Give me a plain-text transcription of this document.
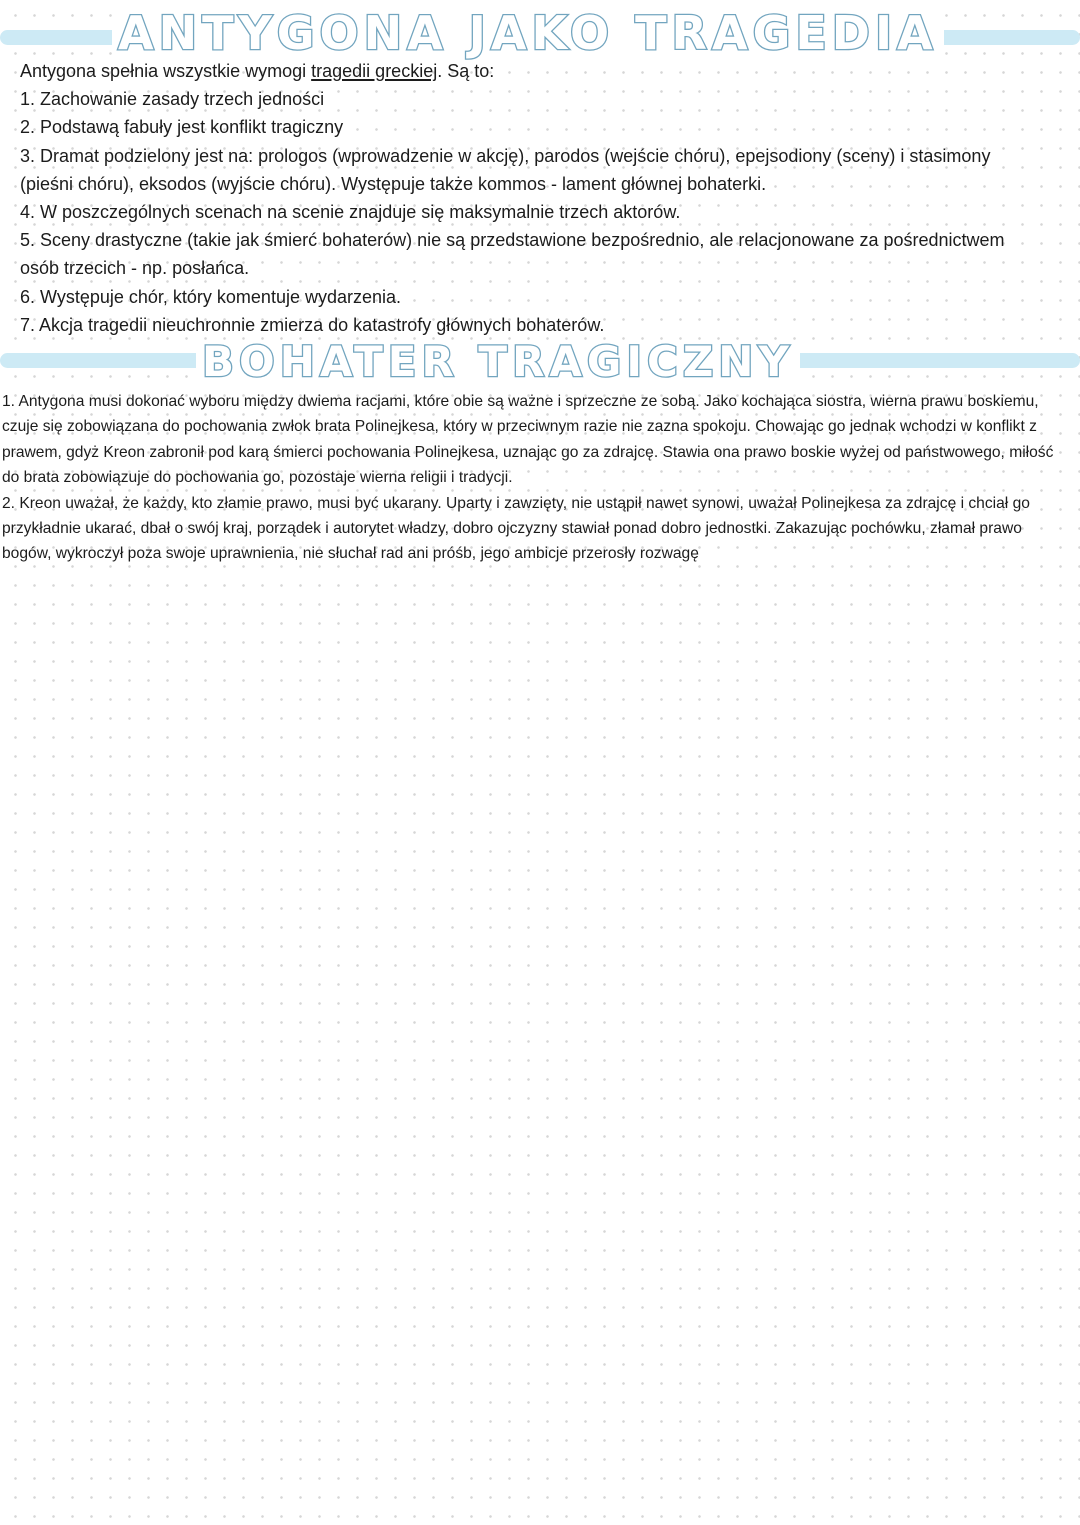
ANTYGONA JAKO TRAGEDIA

Antygona spełnia wszystkie wymogi tragedii greckiej. Są to:

1. Zachowanie zasady trzech jedności

2. Podstawą fabuły jest konflikt tragiczny

3. Dramat podzielony jest na: prologos (wprowadzenie w akcję), parodos (wejście chóru), epejsodiony (sceny) i stasimony (pieśni chóru), eksodos (wyjście chóru). Występuje także kommos - lament głównej bohaterki.

4. W poszczególnych scenach na scenie znajduje się maksymalnie trzech aktorów.

5. Sceny drastyczne (takie jak śmierć bohaterów) nie są przedstawione bezpośrednio, ale relacjonowane za pośrednictwem osób trzecich - np. posłańca.

6. Występuje chór, który komentuje wydarzenia.

7. Akcja tragedii nieuchronnie zmierza do katastrofy głównych bohaterów.

BOHATER TRAGICZNY

1. Antygona musi dokonać wyboru między dwiema racjami, które obie są ważne i sprzeczne ze sobą. Jako kochająca siostra, wierna prawu boskiemu, czuje się zobowiązana do pochowania zwłok brata Polinejkesa, który w przeciwnym razie nie zazna spokoju. Chowając go jednak wchodzi w konflikt z prawem, gdyż Kreon zabronił pod karą śmierci pochowania Polinejkesa, uznając go za zdrajcę. Stawia ona prawo boskie wyżej od państwowego, miłość do brata zobowiązuje do pochowania go, pozostaje wierna religii i tradycji.

2. Kreon uważał, że każdy, kto złamie prawo, musi być ukarany. Uparty i zawzięty, nie ustąpił nawet synowi, uważał Polinejkesa za zdrajcę i chciał go przykładnie ukarać, dbał o swój kraj, porządek i autorytet władzy, dobro ojczyzny stawiał ponad dobro jednostki. Zakazując pochówku, złamał prawo bogów, wykroczył poza swoje uprawnienia, nie słuchał rad ani próśb, jego ambicje przerosły rozwagę
